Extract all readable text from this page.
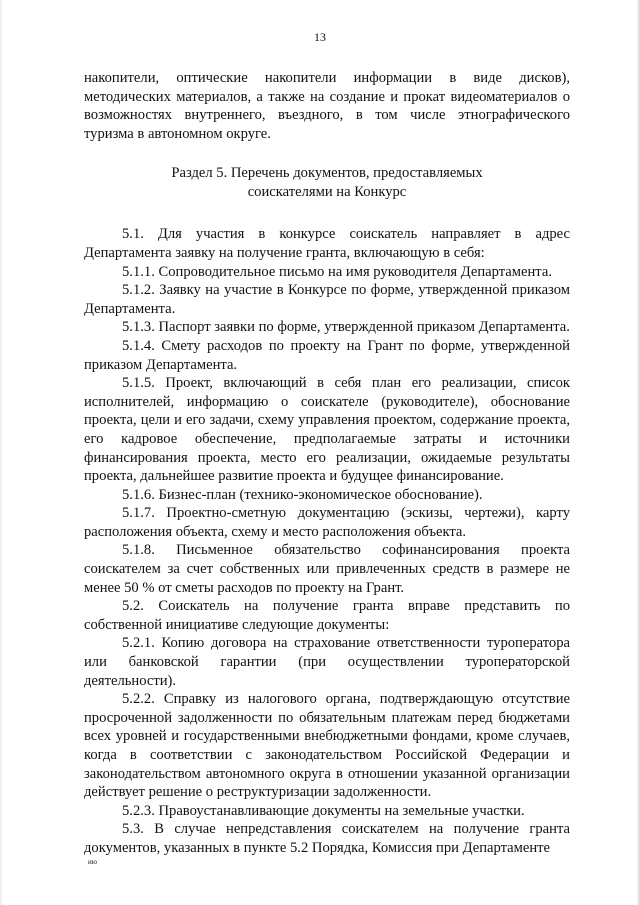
13

накопители, оптические накопители информации в виде дисков), методических материалов, а также на создание и прокат видеоматериалов о возможностях внутреннего, въездного, в том числе этнографического туризма в автономном округе.

Раздел 5. Перечень документов, предоставляемых
соискателями на Конкурс

5.1. Для участия в конкурсе соискатель направляет в адрес Департамента заявку на получение гранта, включающую в себя:

5.1.1. Сопроводительное письмо на имя руководителя Департамента.

5.1.2. Заявку на участие в Конкурсе по форме, утвержденной приказом Департамента.

5.1.3. Паспорт заявки по форме, утвержденной приказом Департамента.

5.1.4. Смету расходов по проекту на Грант по форме, утвержденной приказом Департамента.

5.1.5. Проект, включающий в себя план его реализации, список исполнителей, информацию о соискателе (руководителе), обоснование проекта, цели и его задачи, схему управления проектом, содержание проекта, его кадровое обеспечение, предполагаемые затраты и источники финансирования проекта, место его реализации, ожидаемые результаты проекта, дальнейшее развитие проекта и будущее финансирование.

5.1.6. Бизнес-план (технико-экономическое обоснование).

5.1.7. Проектно-сметную документацию (эскизы, чертежи), карту расположения объекта, схему и место расположения объекта.

5.1.8. Письменное обязательство софинансирования проекта соискателем за счет собственных или привлеченных средств в размере не менее 50 % от сметы расходов по проекту на Грант.

5.2. Соискатель на получение гранта вправе представить по собственной инициативе следующие документы:

5.2.1. Копию договора на страхование ответственности туроператора или банковской гарантии (при осуществлении туроператорской деятельности).

5.2.2. Справку из налогового органа, подтверждающую отсутствие просроченной задолженности по обязательным платежам перед бюджетами всех уровней и государственными внебюджетными фондами, кроме случаев, когда в соответствии с законодательством Российской Федерации и законодательством автономного округа в отношении указанной организации действует решение о реструктуризации задолженности.

5.2.3. Правоустанавливающие документы на земельные участки.

5.3. В случае непредставления соискателем на получение гранта документов, указанных в пункте 5.2 Порядка, Комиссия при Департаменте

ию
